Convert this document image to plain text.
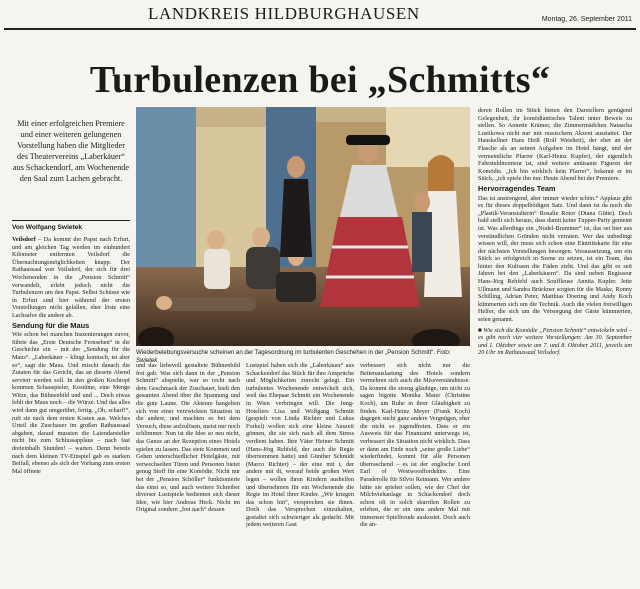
LANDKREIS HILDBURGHAUSEN	Montag, 26. September 2011
Turbulenzen bei „Schmitts“
Mit einer erfolgreichen Premiere und einer weiteren gelungenen Vorstellung haben die Mitglieder des Theatervereins „Laberkäuer“ aus Schackendorf, am Wochenende den Saal zum Lachen gebracht.
Von Wolfgang Swietek

Veilsdorf – Da kommt der Papst nach Erfurt, und am gleichen Tag werden im einhundert Kilometer entfernten Veilsdorf die Übernachtungsmöglichkeiten knapp. Der Rathaussaal von Veilsdorf, der sich für drei Wochenenden in die „Pension Schmitt“ verwandelt, erlebt jedoch nicht die Turbulenzen um den Papst. Selbst Schüsse wie in Erfurt sind hier während der ersten Vorstellungen nicht gefallen, eher löste eine Lachsalve die andere ab.

Sendung für die Maus

Wie schon bei manchen Inszenierungen zuvor, führte das „Erste Deutsche Fernsehen“ in die Geschichte ein – mit der „Sendung für die Maus“. „Laberkäuer – klingt komisch, ist aber so“, sagt die Maus. Und mischt danach die Zutaten für das Gericht, das an diesem Abend serviert werden soll. In den großen Kochtopf kommen Schauspieler, Kostüme, eine Menge Witze, das Bühnenbild und und ... Doch etwas fehlt der Maus noch – die Würze. Und das alles wird dann gut umgerührt, fertig. „Oh, scharf!“, ruft sie nach dem ersten Kosten aus. Welches Urteil die Zuschauer im großen Rathaussaal abgaben, darauf mussten die Laiendarsteller nicht bis zum Schlussapplaus – nach fast dreieinhalb Stunden! – warten. Denn bereits nach dem kleinen TV-Einspiel gab es starken Beifall, ebenso als sich der Vorhang zum ersten Mal öffnete

Wiederbelebungsversuche scheinen an der Tagesordnung im turbulenten Geschehen in der „Pension Schmitt“. Foto: Swietek

und das liebevoll gestaltete Bühnenbild frei gab. Was sich dann in der „Pension Schmitt“ abspielte, war so recht nach dem Geschmack der Zuschauer, hielt den gesamten Abend über die Spannung und die gute Laune. Die Akteure hangelten sich von einer verzwickten Situation in die andere, und machten es bei dem Versuch, diese aufzulösen, meist nur noch schlimmer. Nun ist die Idee so neu nicht, das Ganze an der Rezeption eines Hotels spielen zu lassen. Das stete Kommen und Gehen unterschiedlicher Hotelgäste, mit verwechselten Türen und Personen bietet genug Stoff für eine Komödie. Nicht nur bei der „Pension Schöller“ funktionierte das einst so, und auch weitere Schreiber diverser Lustspiele bedienten sich dieser Idee, wie hier Andreas Heck. Nicht im Original sondern „frei nach“ dessen

Lustspiel haben sich die „Laberkäuer“ aus Schackendorf das Stück für ihre Ansprüche und Möglichkeiten zurecht gelegt. Ein turbulentes Wochenende entwickelt sich, weil das Ehepaar Schmitt ein Wochenende in Wien verbringen will. Die Jung-Hoteliers Lisa und Wolfgang Schmitt (gespielt von Linda Richter und Lukas Forkel) wollen sich eine kleine Auszeit gönnen, die sie sich nach all dem Stress verdient haben. Ihre Väter Heiner Schmitt (Hans-Jörg Rehfeld, der auch die Regie übernommen hatte) und Günther Schmidt (Marco Richter) – der eine mit t, der andere mit dt, worauf beide großen Wert legen – wollen ihren Kindern aushelfen und übernehmen für ein Wochenende die Regie im Hotel ihrer Kinder. „Wir kriegen das schon hin“, versprechen sie ihnen. Doch das Versprechen einzuhalten, gestaltet sich schwieriger als gedacht. Mit jedem weiteren Gast

verbessert sich nicht nur die Bettenauslastung des Hotels sondern vermehren sich auch die Missverständnisse. Da kommt die streng gläubige, um nicht zu sagen bigotte Monika Maier (Christine Koch), um Ruhe in ihrer Gläubigkeit zu finden. Karl-Heinz Meyer (Frank Koch) dagegen sucht ganz andere Vergnügen, eher die nicht so jugendfreien. Dass er ein Ausweis für das Finanzamt unterwegs ist, verbessert die Situation nicht wirklich. Dass er dann am Ende noch „seine große Liebe“ wiederfindet, kommt für alle Personen überraschend – es ist der englische Lord Earl of Westwoodfordshire. Eine Paraderolle für Silvio Reimann. Wer andere hätte sie spielen sollen, wie der Chef der Milchviehanlage in Schackendorf doch schon oft in solch skurrilen Rollen zu erleben, die er ein ums andere Mal mit immenser Spielfreude auskostet. Doch auch die an-

deren Rollen im Stück bieten den Darstellern genügend Gelegenheit, ihr komödiantisches Talent unter Beweis zu stellen. So Annette Krämer, die Zimmermädchen Natascha Lustikowa nicht nur mit russischem Akzent ausstattet. Der Hauskellner Hans Heiß (Rolf Weisheit), der eher an der Flasche als an seinen Aufgaben im Hotel hängt, und der vermeintliche Pfarrer (Karl-Heinz Kupfer), der eigentlich Fahrstuhlmonteur ist, sind weitere amüsante Figuren der Komödie. „Ich bin wirklich kein Pfarrer“, bekennt er im Stück, „ich spiele ihn nur. Heute Abend bei der Premiere.

Hervorragendes Team

Das ist anstrengend, aber immer wieder schön.“ Applaus gibt es für dieses doppelbödigen Satz. Und dann ist da noch die „Plastik-Veranstalterin“ Rosalie Rotor (Diana Gütte). Doch bald stellt sich heraus, dass damit keine Tupper-Party gemeint ist. Was allerdings ein „Nudel-Brummer“ ist, das sei hier aus verständlichen Gründen nicht verraten. Wer das unbedingt wissen will, der muss sich schon eine Eintrittskarte für eine der nächsten Vorstellungen besorgen. Voraussetzung, um ein Stück so erfolgreich in Szene zu setzen, ist ein Team, das hinter den Kulissen die Fäden zieht. Und das gibt es seit Jahren bei den „Laberkäuern“. Da sind neben Regisseur Hans-Jörg Rehfeld auch Souffleuse Annita Kupfer. Jette Ullmann und Sandra Brückner sorgten für die Maske, Ronny Schilling, Adrian Peter, Matthias Doering und Andy Koch kümmerten sich um die Technik. Auch die vielen freiwilligen Helfer, die sich um die Versorgung der Gäste kümmerten, seien genannt.

■ Wie sich die Komödie „Pension Schmitt“ entwickeln wird – es gibt noch vier weitere Vorstellungen: Am 30. September und 1. Oktober sowie am 7. und 8. Oktober 2011, jeweils um 20 Uhr im Rathaussaal Veilsdorf.
